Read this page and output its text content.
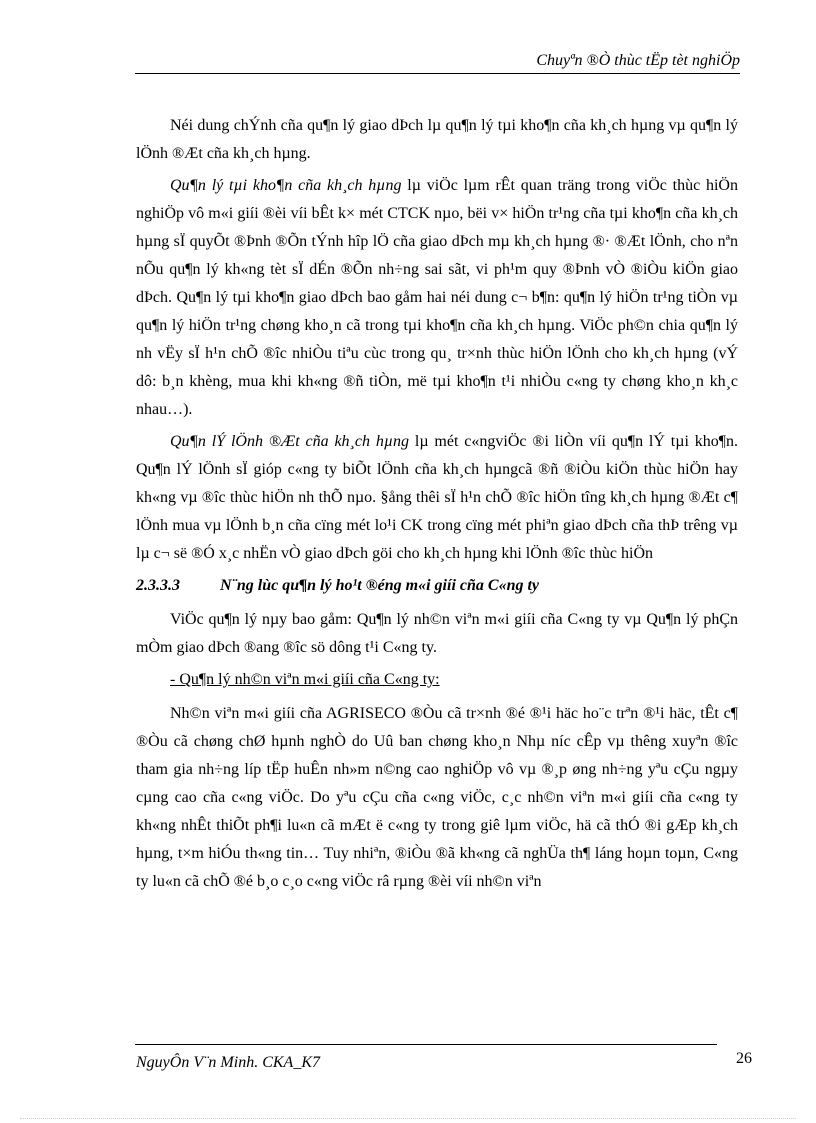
Chuyªn ®Ò thùc tËp tèt nghiÖp

Néi dung chÝnh cña qu¶n lý giao dÞch lµ qu¶n lý tµi kho¶n cña kh¸ch hµng vµ qu¶n lý lÖnh ®Æt cña kh¸ch hµng.

Qu¶n lý tµi kho¶n cña kh¸ch hµng lµ viÖc lµm rÊt quan träng trong viÖc thùc hiÖn nghiÖp vô m«i giíi ®èi víi bÊt k× mét CTCK nµo, bëi v× hiÖn tr¹ng cña tµi kho¶n cña kh¸ch hµng sÏ quyÕt ®Þnh ®Õn tÝnh hîp lÖ cña giao dÞch mµ kh¸ch hµng ®· ®Æt lÖnh, cho nªn nÕu qu¶n lý kh«ng tèt sÏ dÉn ®Õn nh÷ng sai sãt, vi ph¹m quy ®Þnh vÒ ®iÒu kiÖn giao dÞch. Qu¶n lý tµi kho¶n giao dÞch bao gåm hai néi dung c¬ b¶n: qu¶n lý hiÖn tr¹ng tiÒn vµ qu¶n lý hiÖn tr¹ng chøng kho¸n cã trong tµi kho¶n cña kh¸ch hµng. ViÖc ph©n chia qu¶n lý nh vËy sÏ h¹n chÕ ®îc nhiÒu tiªu cùc trong qu¸ tr×nh thùc hiÖn lÖnh cho kh¸ch hµng (vÝ dô: b¸n khèng, mua khi kh«ng ®ñ tiÒn, më tµi kho¶n t¹i nhiÒu c«ng ty chøng kho¸n kh¸c nhau…).

Qu¶n lÝ lÖnh ®Æt cña kh¸ch hµng lµ mét c«ngviÖc ®i liÒn víi qu¶n lÝ tµi kho¶n. Qu¶n lÝ lÖnh sÏ gióp c«ng ty biÕt lÖnh cña kh¸ch hµngcã ®ñ ®iÒu kiÖn thùc hiÖn hay kh«ng vµ ®îc thùc hiÖn nh thÕ nµo. §ång thêi sÏ h¹n chÕ ®îc hiÖn tîng kh¸ch hµng ®Æt c¶ lÖnh mua vµ lÖnh b¸n cña cïng mét lo¹i CK trong cïng mét phiªn giao dÞch cña thÞ trêng vµ lµ c¬ së ®Ó x¸c nhËn vÒ giao dÞch göi cho kh¸ch hµng khi lÖnh ®îc thùc hiÖn

2.3.3.3	N¨ng lùc qu¶n lý ho¹t ®éng m«i giíi cña C«ng ty

ViÖc qu¶n lý nµy bao gåm: Qu¶n lý nh©n viªn m«i giíi cña C«ng ty vµ Qu¶n lý phÇn mÒm giao dÞch ®ang ®îc sö dông t¹i C«ng ty.

- Qu¶n lý nh©n viªn m«i giíi cña C«ng ty:

Nh©n viªn m«i giíi cña AGRISECO ®Òu cã tr×nh ®é ®¹i häc ho¨c trªn ®¹i häc, tÊt c¶ ®Òu cã chøng chØ hµnh nghÒ do Uû ban chøng kho¸n Nhµ níc cÊp vµ thêng xuyªn ®îc tham gia nh÷ng líp tËp huÊn nh»m n©ng cao nghiÖp vô vµ ®¸p øng nh÷ng yªu cÇu ngµy cµng cao cña c«ng viÖc. Do yªu cÇu cña c«ng viÖc, c¸c nh©n viªn m«i giíi cña c«ng ty kh«ng nhÊt thiÕt ph¶i lu«n cã mÆt ë c«ng ty trong giê lµm viÖc, hä cã thÓ ®i gÆp kh¸ch hµng, t×m hiÓu th«ng tin… Tuy nhiªn, ®iÒu ®ã kh«ng cã nghÜa th¶ láng hoµn toµn, C«ng ty lu«n cã chÕ ®é b¸o c¸o c«ng viÖc râ rµng ®èi víi nh©n viªn

NguyÔn V¨n Minh. CKA_K7	26
